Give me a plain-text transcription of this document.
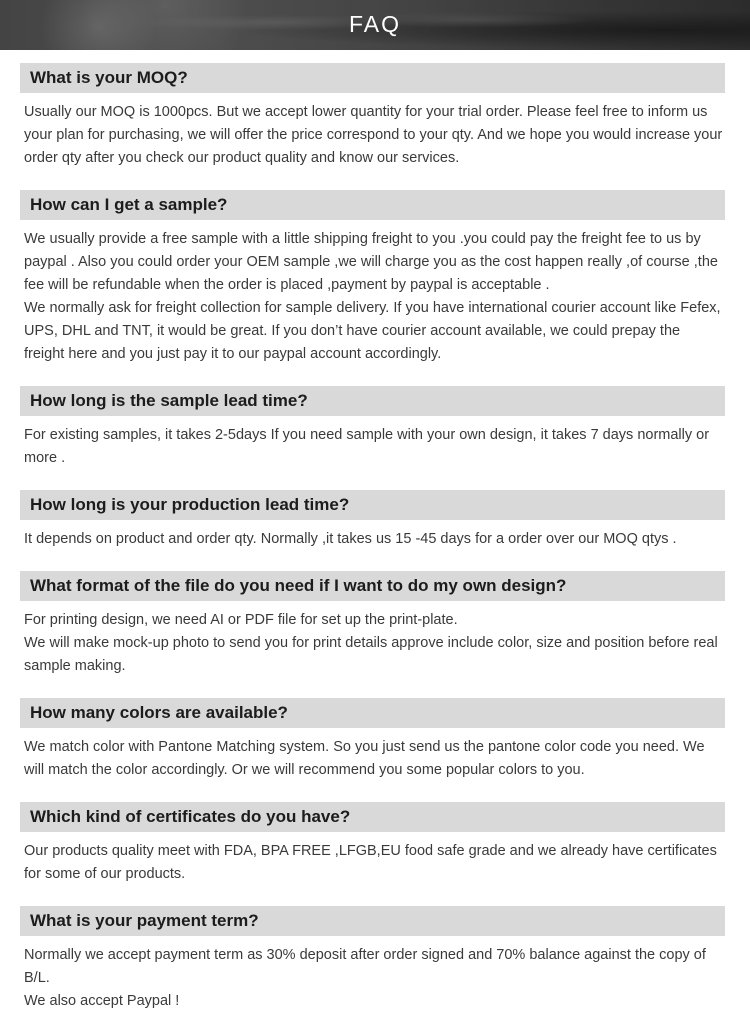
FAQ
What is your MOQ?

Usually our MOQ is 1000pcs. But we accept lower quantity for your trial order. Please feel free to inform us your plan for purchasing, we will offer the price correspond to your qty. And we hope you would increase your order qty after you check our product quality and know our services.

How can I get a sample?

We usually provide a free sample with a little shipping freight to you .you could pay the freight fee to us by paypal . Also you could order your OEM sample ,we will charge you as the cost happen really ,of course ,the fee will be refundable when the order is placed ,payment by paypal is acceptable .

We normally ask for freight collection for sample delivery. If you have international courier account like Fefex, UPS, DHL and TNT, it would be great. If you don’t have courier account available, we could prepay the freight here and you just pay it to our paypal account accordingly.

How long is the sample lead time?

For existing samples, it takes 2-5days If you need sample with your own design, it takes 7 days normally or more .

How long is your production lead time?

It depends on product and order qty. Normally ,it takes us 15 -45 days for a order over our MOQ qtys .

What format of the file do you need if I want to do my own design?

For printing design, we need AI or PDF file for set up the print-plate.

We will make mock-up photo to send you for print details approve include color, size and position before real sample making.

How many colors are available?

We match color with Pantone Matching system. So you just send us the pantone color code you need. We will match the color accordingly. Or we will recommend you some popular colors to you.

Which kind of certificates do you have?

Our products quality meet with FDA, BPA FREE ,LFGB,EU food safe grade and we already have certificates for some of our products.

What is your payment term?

Normally we accept payment term as 30% deposit after order signed and 70% balance against the copy of B/L.

We also accept Paypal !
